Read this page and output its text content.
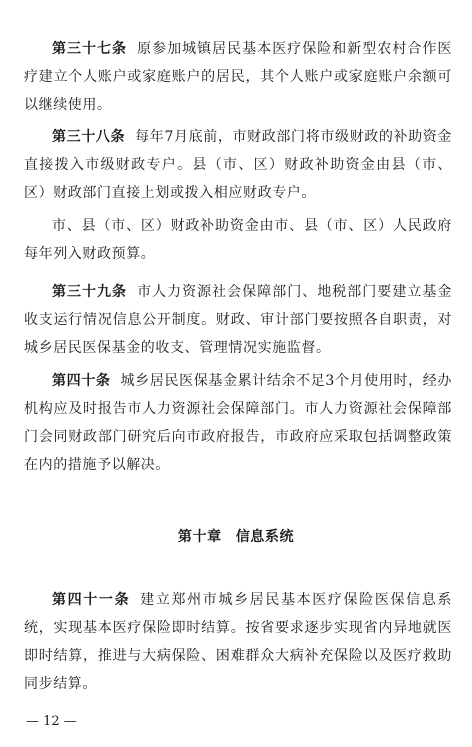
第三十七条 原参加城镇居民基本医疗保险和新型农村合作医疗建立个人账户或家庭账户的居民，其个人账户或家庭账户余额可以继续使用。

第三十八条 每年7月底前，市财政部门将市级财政的补助资金直接拨入市级财政专户。县（市、区）财政补助资金由县（市、区）财政部门直接上划或拨入相应财政专户。

市、县（市、区）财政补助资金由市、县（市、区）人民政府每年列入财政预算。

第三十九条 市人力资源社会保障部门、地税部门要建立基金收支运行情况信息公开制度。财政、审计部门要按照各自职责，对城乡居民医保基金的收支、管理情况实施监督。

第四十条 城乡居民医保基金累计结余不足3个月使用时，经办机构应及时报告市人力资源社会保障部门。市人力资源社会保障部门会同财政部门研究后向市政府报告，市政府应采取包括调整政策在内的措施予以解决。

第十章 信息系统

第四十一条 建立郑州市城乡居民基本医疗保险医保信息系统，实现基本医疗保险即时结算。按省要求逐步实现省内异地就医即时结算，推进与大病保险、困难群众大病补充保险以及医疗救助同步结算。

— 12 —
